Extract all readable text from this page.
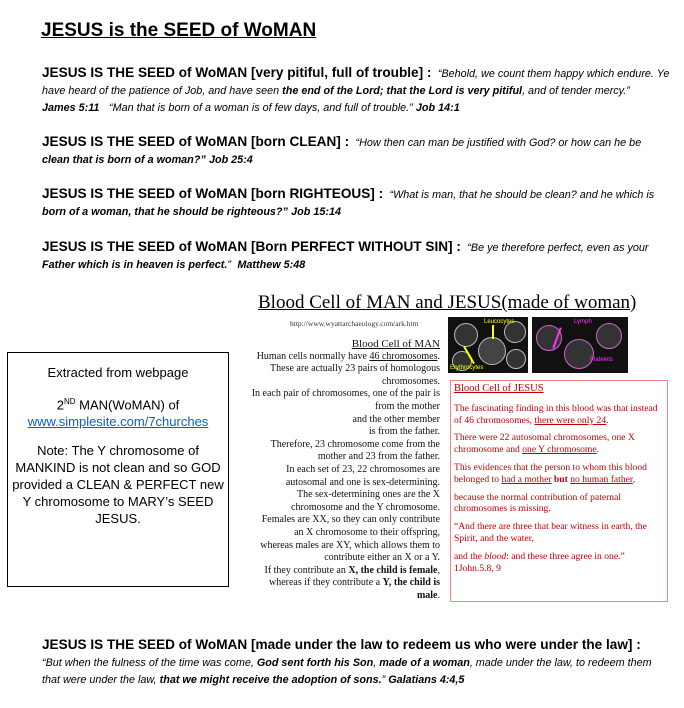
JESUS is the SEED of WoMAN

JESUS IS THE SEED of WoMAN [very pitiful, full of trouble] : “Behold, we count them happy which endure. Ye have heard of the patience of Job, and have seen the end of the Lord; that the Lord is very pitiful, and of tender mercy.”
James 5:11 “Man that is born of a woman is of few days, and full of trouble.” Job 14:1

JESUS IS THE SEED of WoMAN [born CLEAN] : “How then can man be justified with God? or how can he be
clean that is born of a woman?” Job 25:4

JESUS IS THE SEED of WoMAN [born RIGHTEOUS] : “What is man, that he should be clean? and he which is
born of a woman, that he should be righteous?” Job 15:14

JESUS IS THE SEED of WoMAN [Born PERFECT WITHOUT SIN] : “Be ye therefore perfect, even as your
Father which is in heaven is perfect.” Matthew 5:48

Extracted from webpage

2ND MAN(WoMAN) of
www.simplesite.com/7churches

Note: The Y chromosome of MANKIND is not clean and so GOD provided a CLEAN & PERFECT new Y chromosome to MARY’s SEED JESUS.

Blood Cell of MAN and JESUS(made of woman)
http://www.wyattarchaeology.com/ark.htm	Leucocytes
Erythrocytes
Lymph
Platelets
Blood Cell of MAN
Human cells normally have 46 chromosomes.
These are actually 23 pairs of homologous
chromosomes.
In each pair of chromosomes, one of the pair is
from the mother
and the other member
is from the father.
Therefore, 23 chromosome come from the
mother and 23 from the father.
In each set of 23, 22 chromosomes are
autosomal and one is sex-determining.
The sex-determining ones are the X
chromosome and the Y chromosome.
Females are XX, so they can only contribute
an X chromosome to their offspring,
whereas males are XY, which allows them to
contribute either an X or a Y.
If they contribute an X, the child is female,
whereas if they contribute a Y, the child is
male.

Blood Cell of JESUS

The fascinating finding in this blood was that instead of 46 chromosomes, there were only 24.

There were 22 autosomal chromosomes, one X chromosome and one Y chromosome.

This evidences that the person to whom this blood belonged to had a mother but no human father,

because the normal contribution of paternal chromosomes is missing.

“And there are three that bear witness in earth, the Spirit, and the water,

and the blood: and these three agree in one.”

1John.5.8, 9

JESUS IS THE SEED of WoMAN [made under the law to redeem us who were under the law] :
“But when the fulness of the time was come, God sent forth his Son, made of a woman, made under the law, to redeem them that were under the law, that we might receive the adoption of sons.” Galatians 4:4,5
